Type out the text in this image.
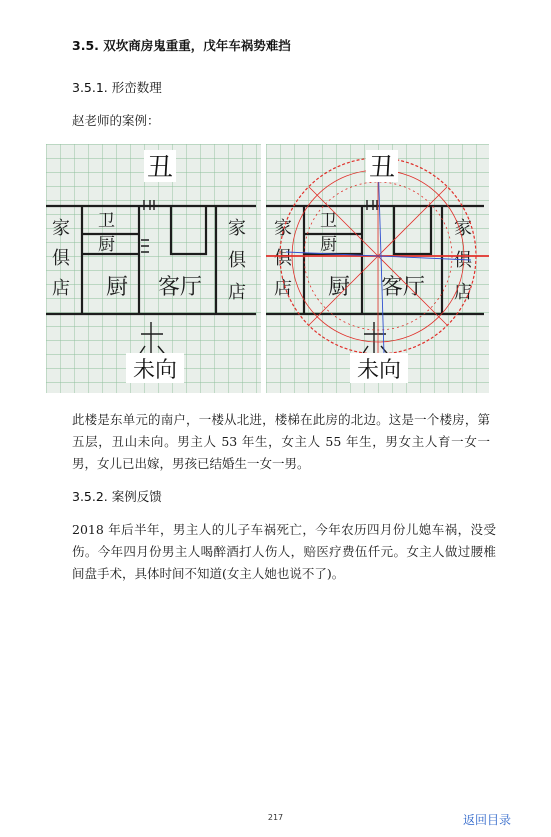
3.5. 双坎商房鬼重重，戊年车祸势难挡
3.5.1. 形峦数理
赵老师的案例：
卫
厨
厨 客厅
家
俱
店
家
俱
店
丑
未向
卫
厨
厨 客厅
家
俱
店
家
俱
店
丑
未向
此楼是东单元的南户，一楼从北进，楼梯在此房的北边。这是一个楼房，第五层，丑山未向。男主人 53 年生，女主人 55 年生，男女主人育一女一男，女儿已出嫁，男孩已结婚生一女一男。
3.5.2. 案例反馈
2018 年后半年，男主人的儿子车祸死亡，今年农历四月份儿媳车祸，没受伤。今年四月份男主人喝醉酒打人伤人，赔医疗费伍仟元。女主人做过腰椎间盘手术，具体时间不知道(女主人她也说不了)。
217	返回目录
